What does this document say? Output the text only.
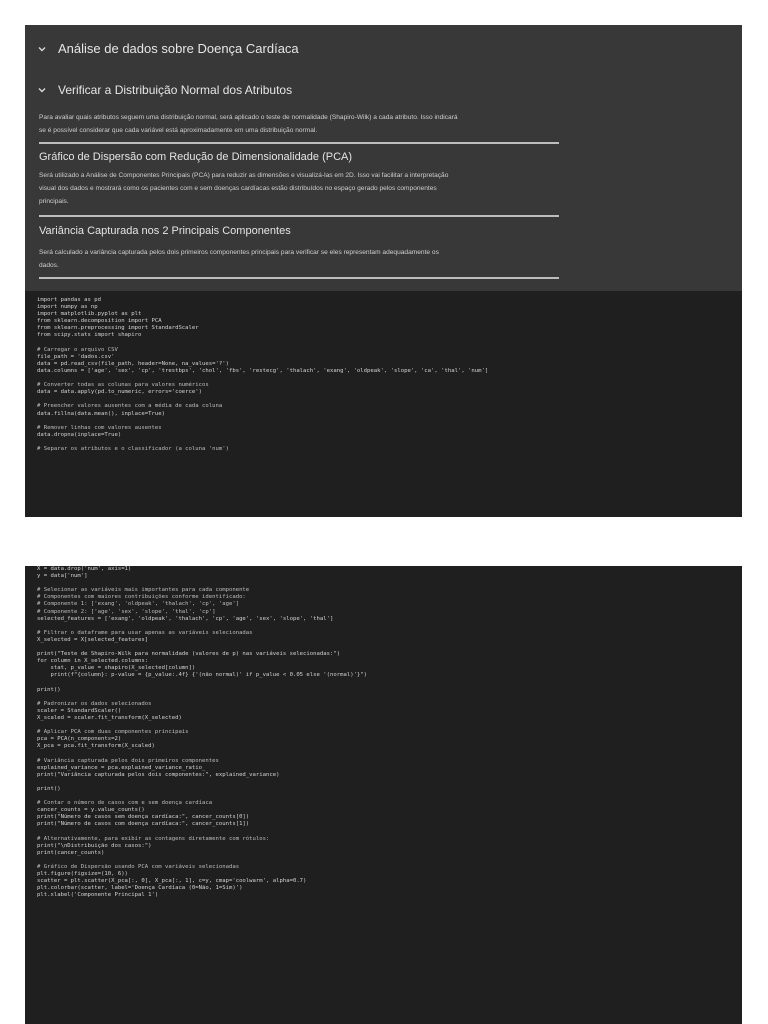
Análise de dados sobre Doença Cardíaca
Verificar a Distribuição Normal dos Atributos

Para avaliar quais atributos seguem uma distribuição normal, será aplicado o teste de normalidade (Shapiro-Wilk) a cada atributo. Isso indicará

se é possível considerar que cada variável está aproximadamente em uma distribuição normal.

Gráfico de Dispersão com Redução de Dimensionalidade (PCA)

Será utilizado a Análise de Componentes Principais (PCA) para reduzir as dimensões e visualizá-las em 2D. Isso vai facilitar a interpretação

visual dos dados e mostrará como os pacientes com e sem doenças cardíacas estão distribuídos no espaço gerado pelos componentes

principais.

Variância Capturada nos 2 Principais Componentes

Será calculado a variância capturada pelos dois primeiros componentes principais para verificar se eles representam adequadamente os

dados.

import pandas as pd
import numpy as np
import matplotlib.pyplot as plt
from sklearn.decomposition import PCA
from sklearn.preprocessing import StandardScaler
from scipy.stats import shapiro

# Carregar o arquivo CSV
file_path = 'dados.csv'
data = pd.read_csv(file_path, header=None, na_values='?')
data.columns = ['age', 'sex', 'cp', 'trestbps', 'chol', 'fbs', 'restecg', 'thalach', 'exang', 'oldpeak', 'slope', 'ca', 'thal', 'num']

# Converter todas as colunas para valores numéricos
data = data.apply(pd.to_numeric, errors='coerce')

# Preencher valores ausentes com a média de cada coluna
data.fillna(data.mean(), inplace=True)

# Remover linhas com valores ausentes
data.dropna(inplace=True)

# Separar os atributos e o classificador (a coluna 'num')
X = data.drop('num', axis=1)
y = data['num']

# Selecionar as variáveis mais importantes para cada componente
# Componentes com maiores contribuições conforme identificado:
# Componente 1: ['exang', 'oldpeak', 'thalach', 'cp', 'age']
# Componente 2: ['age', 'sex', 'slope', 'thal', 'cp']
selected_features = ['exang', 'oldpeak', 'thalach', 'cp', 'age', 'sex', 'slope', 'thal']

# Filtrar o dataframe para usar apenas as variáveis selecionadas
X_selected = X[selected_features]

print("Teste de Shapiro-Wilk para normalidade (valores de p) nas variáveis selecionadas:")
for column in X_selected.columns:
stat, p_value = shapiro(X_selected[column])
print(f"{column}: p-value = {p_value:.4f} {'(não normal)' if p_value < 0.05 else '(normal)'}")

print()

# Padronizar os dados selecionados
scaler = StandardScaler()
X_scaled = scaler.fit_transform(X_selected)

# Aplicar PCA com duas componentes principais
pca = PCA(n_components=2)
X_pca = pca.fit_transform(X_scaled)

# Variância capturada pelos dois primeiros componentes
explained_variance = pca.explained_variance_ratio_
print("Variância capturada pelos dois componentes:", explained_variance)

print()

# Contar o número de casos com e sem doença cardíaca
cancer_counts = y.value_counts()
print("Número de casos sem doença cardíaca:", cancer_counts[0])
print("Número de casos com doença cardíaca:", cancer_counts[1])

# Alternativamente, para exibir as contagens diretamente com rótulos:
print("\nDistribuição dos casos:")
print(cancer_counts)

# Gráfico de Dispersão usando PCA com variáveis selecionadas
plt.figure(figsize=(10, 6))
scatter = plt.scatter(X_pca[:, 0], X_pca[:, 1], c=y, cmap='coolwarm', alpha=0.7)
plt.colorbar(scatter, label='Doença Cardíaca (0=Não, 1=Sim)')
plt.xlabel('Componente Principal 1')
